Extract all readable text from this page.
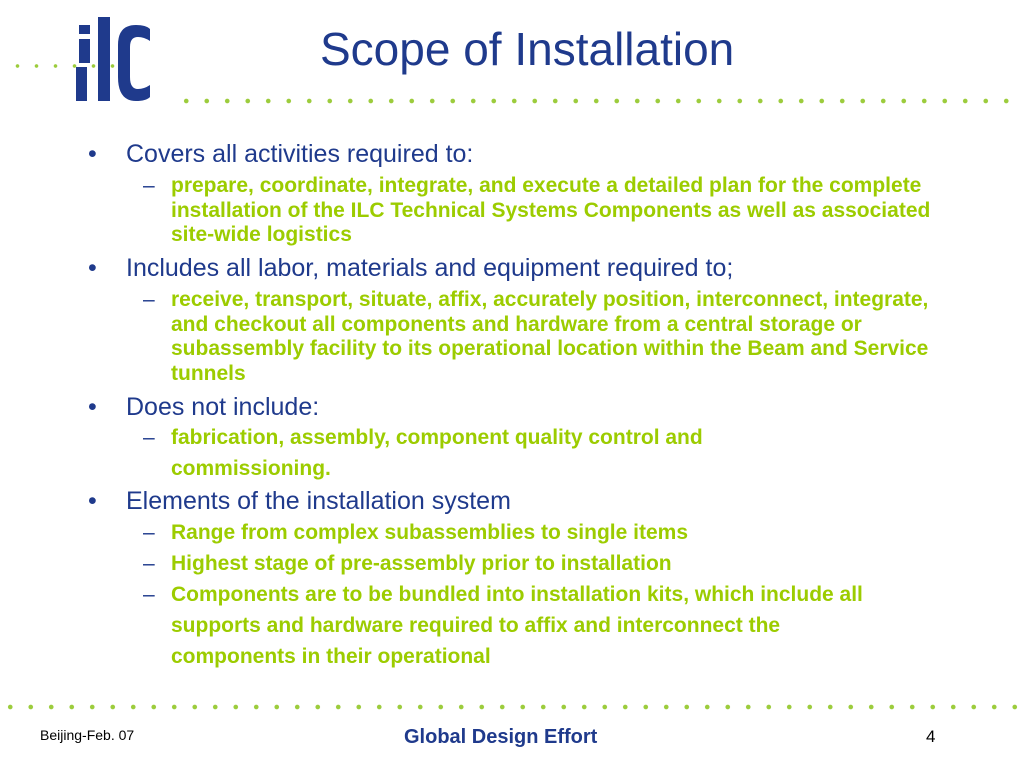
Scope of Installation
• Covers all activities required to:
– prepare, coordinate, integrate, and execute a detailed plan for the complete installation of the ILC Technical Systems Components as well as associated site-wide logistics
• Includes all labor, materials and equipment required to;
– receive, transport, situate, affix, accurately position, interconnect, integrate, and checkout all components and hardware from a central storage or subassembly facility to its operational location within the Beam and Service tunnels
• Does not include:
– fabrication, assembly, component quality control and commissioning.
• Elements of the installation system
– Range from complex subassemblies to single items
– Highest stage of pre-assembly prior to installation
– Components are to be bundled into installation kits, which include all supports and hardware required to affix and interconnect the components in their operational
Beijing-Feb. 07	Global Design Effort	4
